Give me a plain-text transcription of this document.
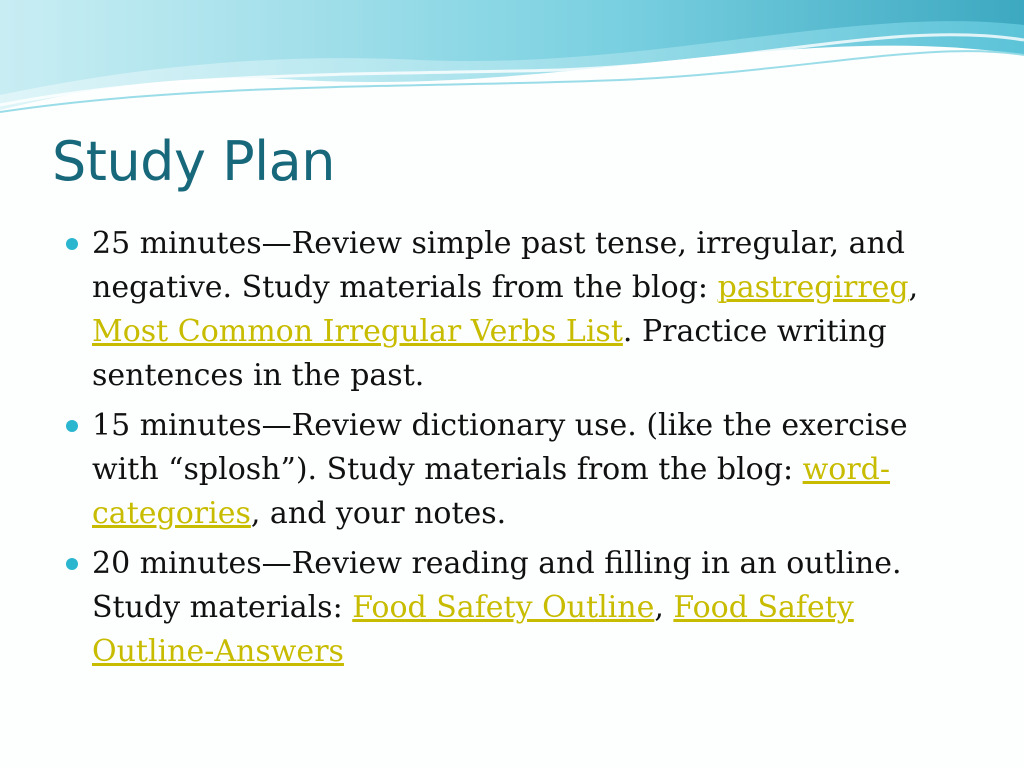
Study Plan
25 minutes—Review simple past tense, irregular, and negative. Study materials from the blog: pastregirreg, Most Common Irregular Verbs List. Practice writing sentences in the past.
15 minutes—Review dictionary use. (like the exercise with “splosh”). Study materials from the blog: word-categories, and your notes.
20 minutes—Review reading and filling in an outline. Study materials: Food Safety Outline, Food Safety Outline-Answers
